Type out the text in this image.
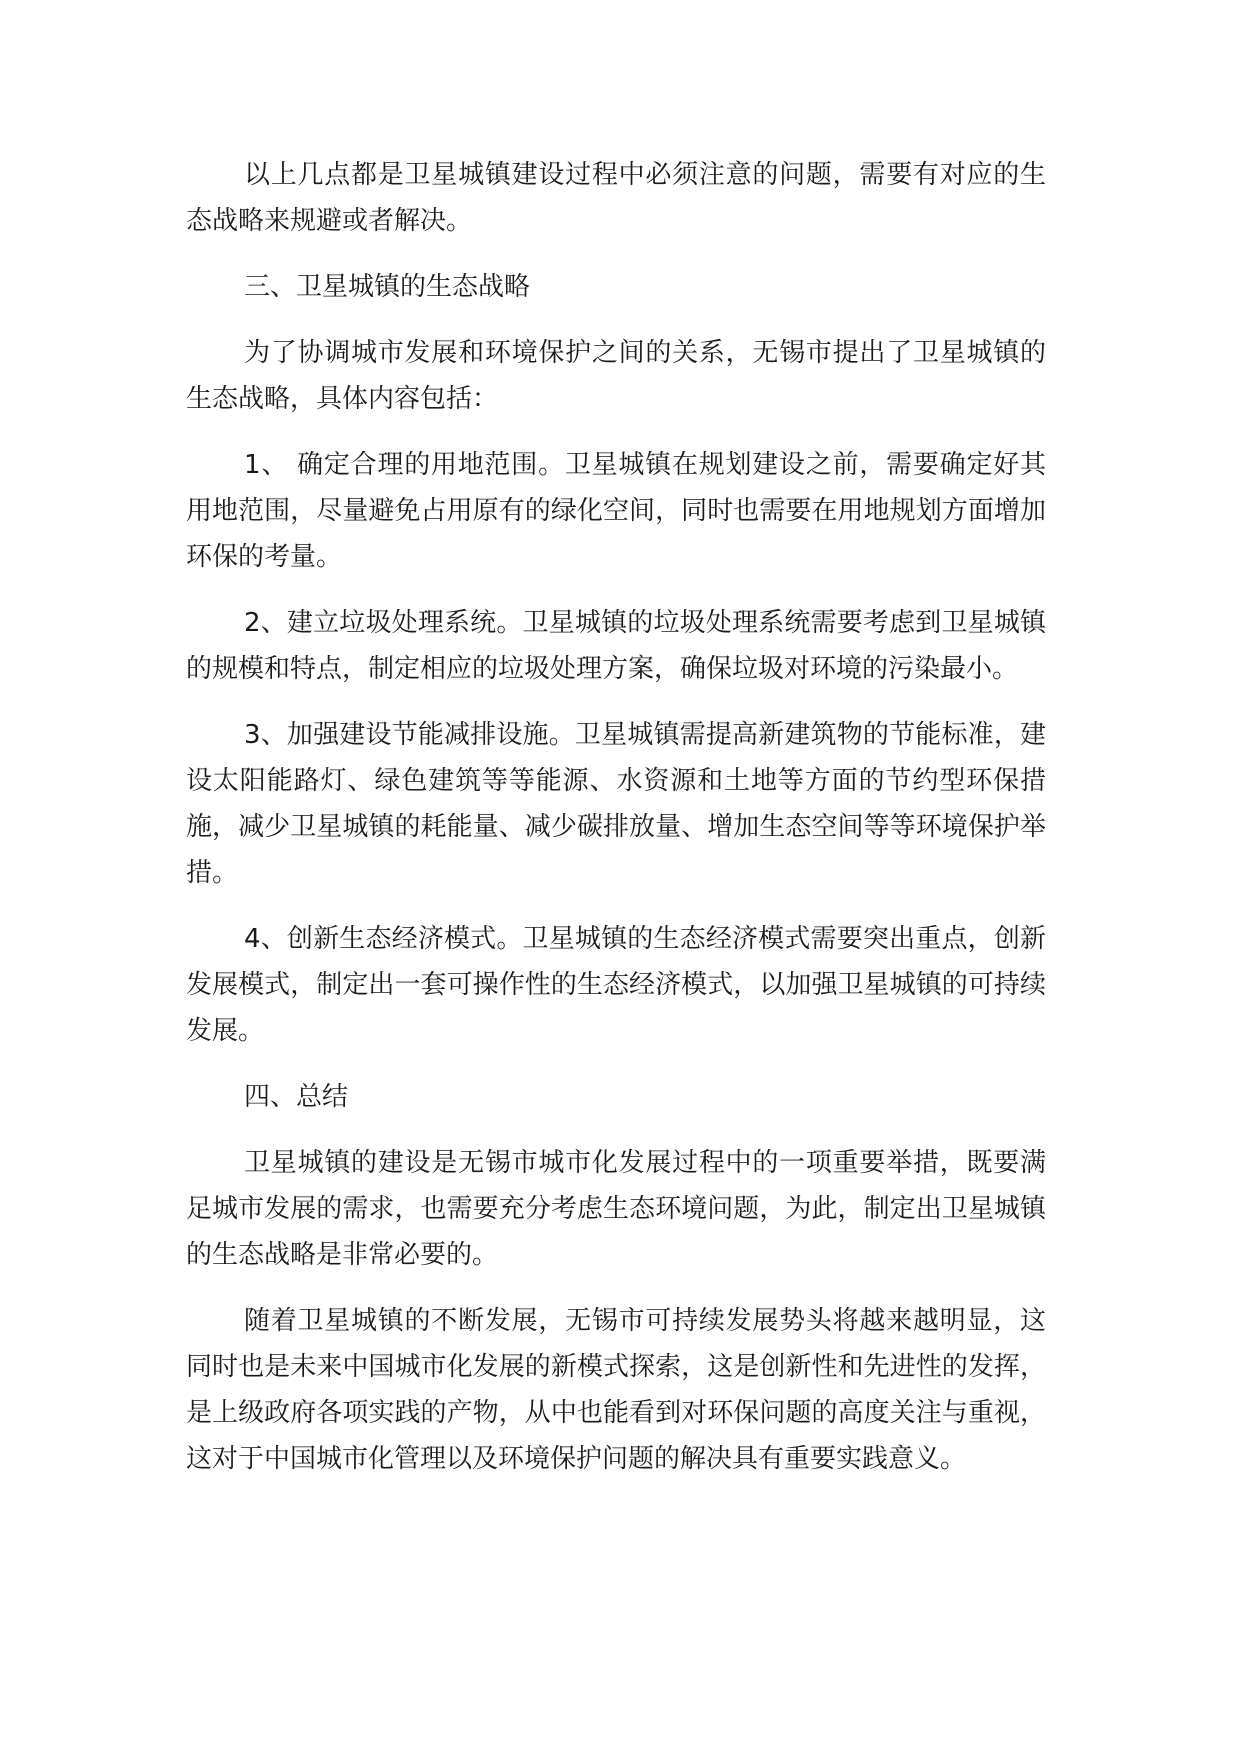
以上几点都是卫星城镇建设过程中必须注意的问题，需要有对应的生态战略来规避或者解决。

三、卫星城镇的生态战略

为了协调城市发展和环境保护之间的关系，无锡市提出了卫星城镇的生态战略，具体内容包括：

1、 确定合理的用地范围。卫星城镇在规划建设之前，需要确定好其用地范围，尽量避免占用原有的绿化空间，同时也需要在用地规划方面增加环保的考量。

2、建立垃圾处理系统。卫星城镇的垃圾处理系统需要考虑到卫星城镇的规模和特点，制定相应的垃圾处理方案，确保垃圾对环境的污染最小。

3、加强建设节能减排设施。卫星城镇需提高新建筑物的节能标准，建设太阳能路灯、绿色建筑等等能源、水资源和土地等方面的节约型环保措施，减少卫星城镇的耗能量、减少碳排放量、增加生态空间等等环境保护举措。

4、创新生态经济模式。卫星城镇的生态经济模式需要突出重点，创新发展模式，制定出一套可操作性的生态经济模式，以加强卫星城镇的可持续发展。

四、总结

卫星城镇的建设是无锡市城市化发展过程中的一项重要举措，既要满足城市发展的需求，也需要充分考虑生态环境问题，为此，制定出卫星城镇的生态战略是非常必要的。

随着卫星城镇的不断发展，无锡市可持续发展势头将越来越明显，这同时也是未来中国城市化发展的新模式探索，这是创新性和先进性的发挥，是上级政府各项实践的产物，从中也能看到对环保问题的高度关注与重视，这对于中国城市化管理以及环境保护问题的解决具有重要实践意义。
